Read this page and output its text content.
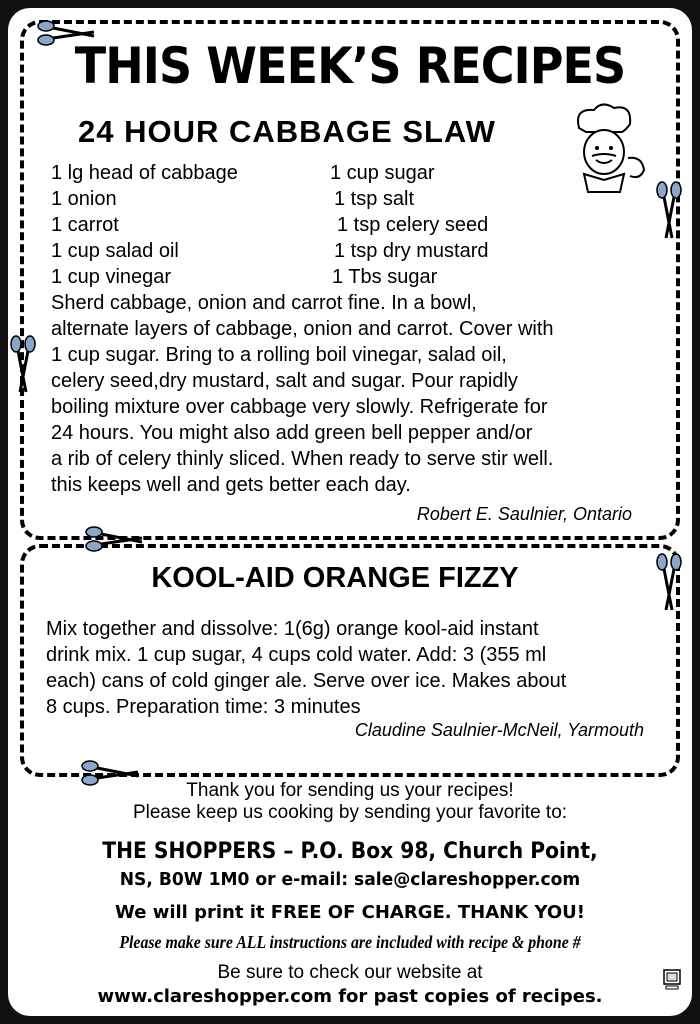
THIS WEEK’S RECIPES
24 HOUR CABBAGE SLAW
1 lg head of cabbage
1 onion
1 carrot
1 cup salad oil
1 cup vinegar
1 cup sugar
1 tsp salt
1 tsp celery seed
1 tsp dry mustard
1 Tbs sugar
Sherd cabbage, onion and carrot fine. In a bowl,
alternate layers of cabbage, onion and carrot. Cover with
1 cup sugar. Bring to a rolling boil vinegar, salad oil,
celery seed,dry mustard, salt and sugar. Pour rapidly
boiling mixture over cabbage very slowly. Refrigerate for
24 hours. You might also add green bell pepper and/or
a rib of celery thinly sliced. When ready to serve stir well.
this keeps well and gets better each day.
Robert E. Saulnier, Ontario
KOOL-AID ORANGE FIZZY
Mix together and dissolve: 1(6g) orange kool-aid instant
drink mix. 1 cup sugar, 4 cups cold water. Add: 3 (355 ml
each) cans of cold ginger ale. Serve over ice. Makes about
8 cups. Preparation time: 3 minutes
Claudine Saulnier-McNeil, Yarmouth
Thank you for sending us your recipes!
Please keep us cooking by sending your favorite to:
THE SHOPPERS – P.O. Box 98, Church Point,
NS, B0W 1M0 or e-mail: sale@clareshopper.com
We will print it FREE OF CHARGE. THANK YOU!
Please make sure ALL instructions are included with recipe & phone #
Be sure to check our website at
www.clareshopper.com for past copies of recipes.
